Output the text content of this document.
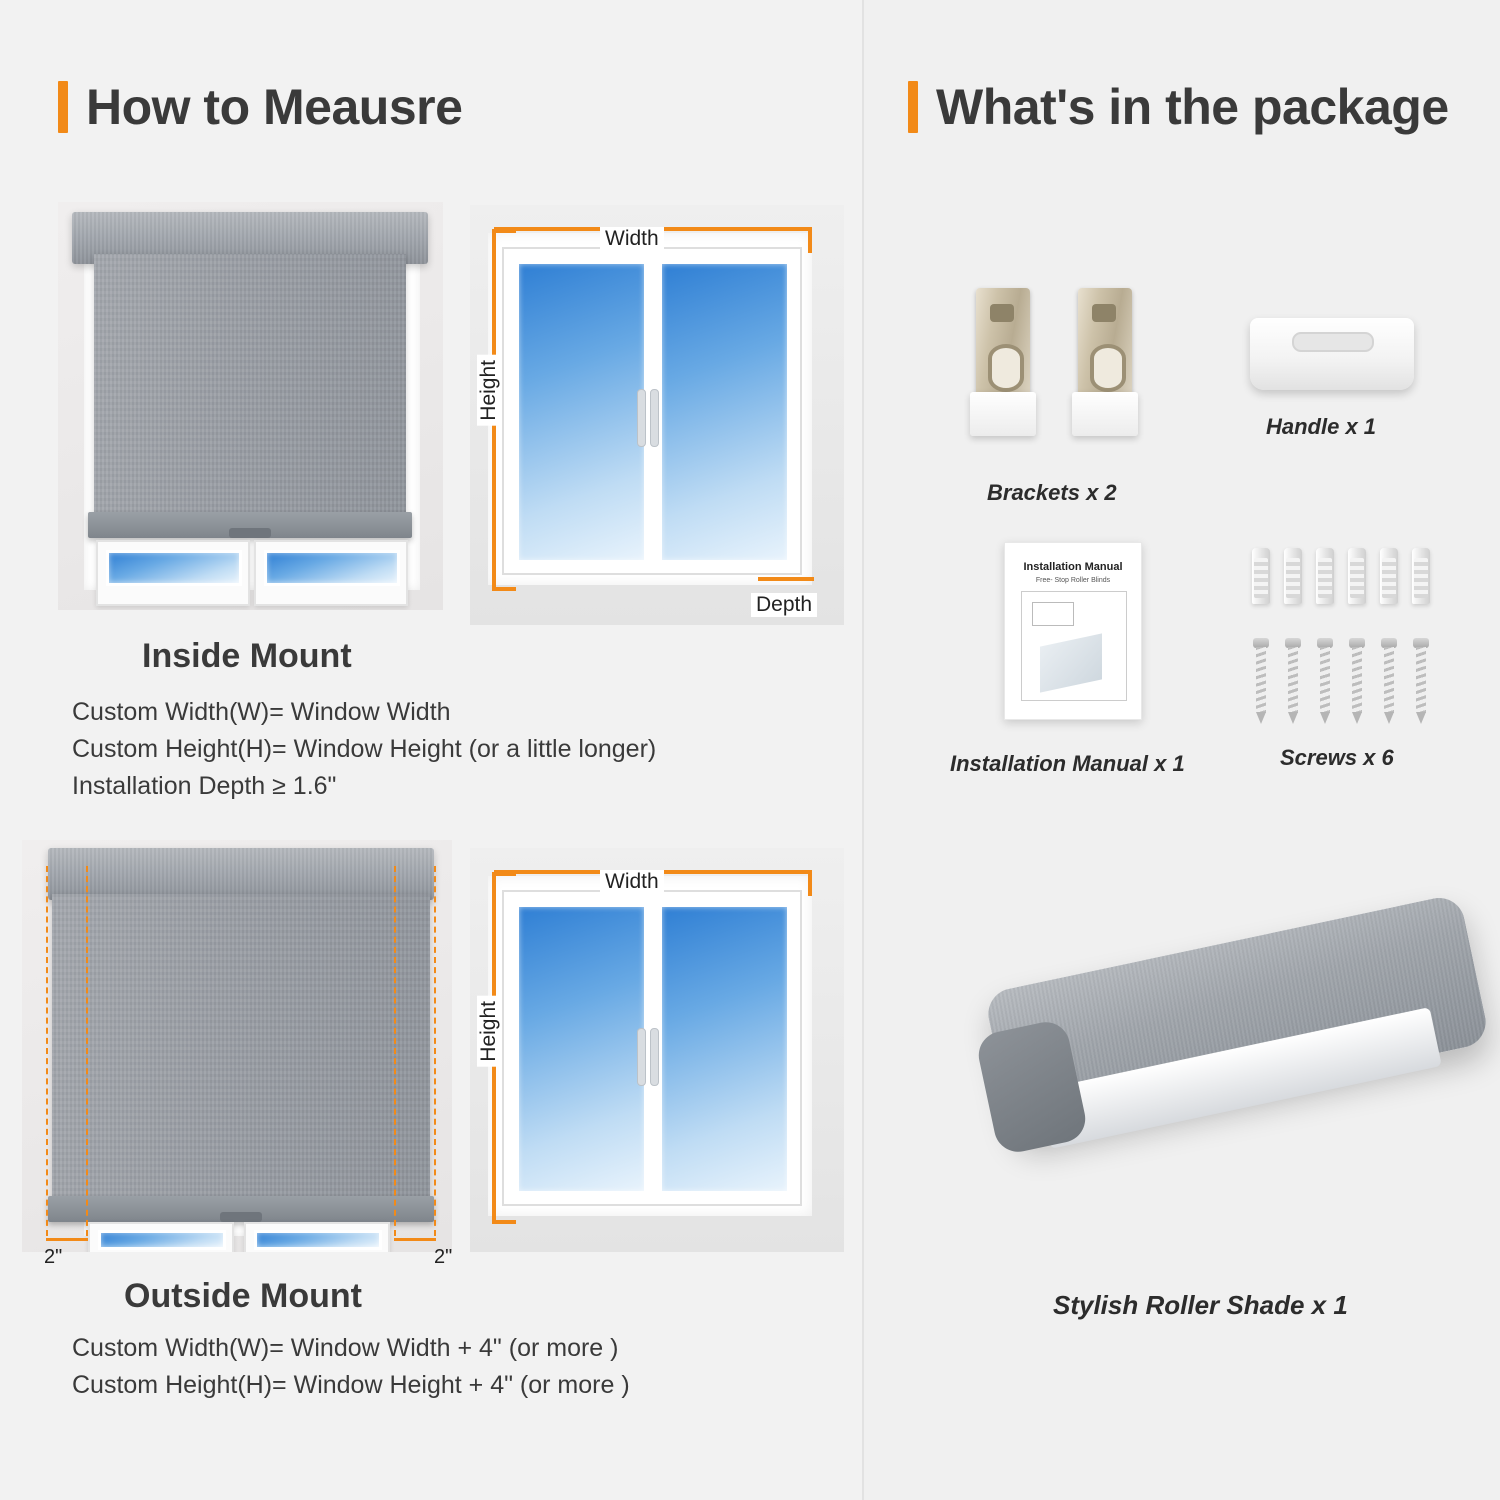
How to Meausre
Width
Height
Depth
Inside Mount
Custom Width(W)= Window Width
Custom Height(H)= Window Height (or a little longer)
Installation Depth ≥ 1.6"
2"	2"
Width
Height
Outside Mount
Custom Width(W)= Window Width + 4" (or more )
Custom Height(H)= Window Height + 4" (or more )
What's in the package
Brackets x 2
Handle x 1
Installation Manual
Free- Stop Roller Blinds
Installation Manual x 1	Screws x 6
Stylish Roller Shade x 1
